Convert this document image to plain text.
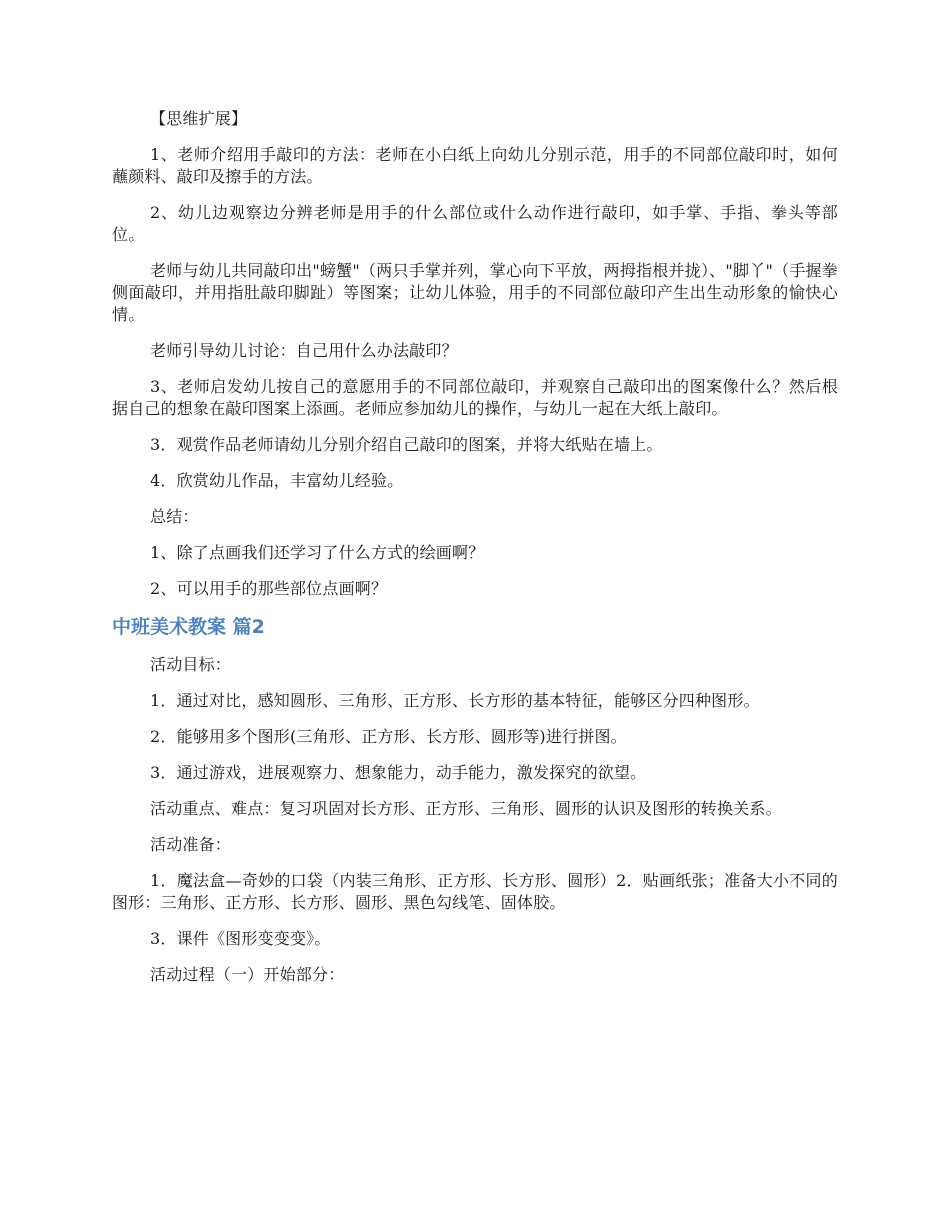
【思维扩展】

1、老师介绍用手敲印的方法：老师在小白纸上向幼儿分别示范，用手的不同部位敲印时，如何蘸颜料、敲印及擦手的方法。

2、幼儿边观察边分辨老师是用手的什么部位或什么动作进行敲印，如手掌、手指、拳头等部位。

老师与幼儿共同敲印出"螃蟹"（两只手掌并列，掌心向下平放，两拇指根并拢）、"脚丫"（手握拳侧面敲印，并用指肚敲印脚趾）等图案；让幼儿体验，用手的不同部位敲印产生出生动形象的愉快心情。

老师引导幼儿讨论：自己用什么办法敲印？

3、老师启发幼儿按自己的意愿用手的不同部位敲印，并观察自己敲印出的图案像什么？然后根据自己的想象在敲印图案上添画。老师应参加幼儿的操作，与幼儿一起在大纸上敲印。

3．观赏作品老师请幼儿分别介绍自己敲印的图案，并将大纸贴在墙上。

4．欣赏幼儿作品，丰富幼儿经验。

总结：

1、除了点画我们还学习了什么方式的绘画啊？

2、可以用手的那些部位点画啊？

中班美术教案 篇2

活动目标：

1．通过对比，感知圆形、三角形、正方形、长方形的基本特征，能够区分四种图形。

2．能够用多个图形(三角形、正方形、长方形、圆形等)进行拼图。

3．通过游戏，进展观察力、想象能力，动手能力，激发探究的欲望。

活动重点、难点：复习巩固对长方形、正方形、三角形、圆形的认识及图形的转换关系。

活动准备：

1．魔法盒—奇妙的口袋（内装三角形、正方形、长方形、圆形）2．贴画纸张；准备大小不同的图形：三角形、正方形、长方形、圆形、黑色勾线笔、固体胶。

3．课件《图形变变变》。

活动过程（一）开始部分：
